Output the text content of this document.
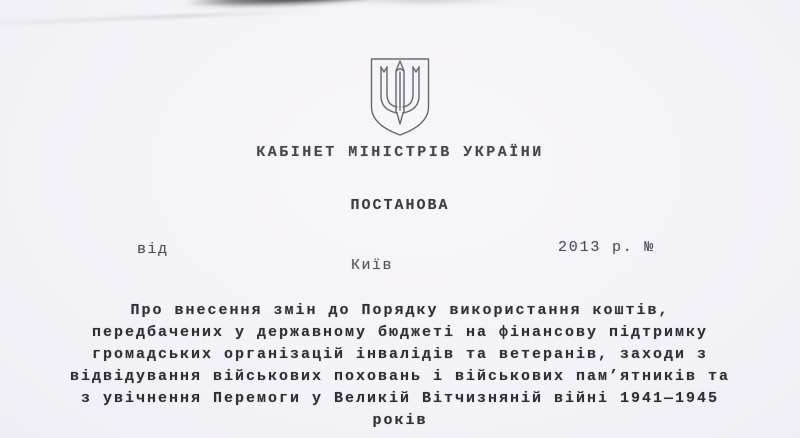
КАБІНЕТ МІНІСТРІВ УКРАЇНИ
ПОСТАНОВА
від	2013 р. №
Київ
Про внесення змін до Порядку використання коштів,
передбачених у державному бюджеті на фінансову підтримку
громадських організацій інвалідів та ветеранів, заходи з
відвідування військових поховань і військових пам’ятників та
з увічнення Перемоги у Великій Вітчизняній війні 1941—1945
років
